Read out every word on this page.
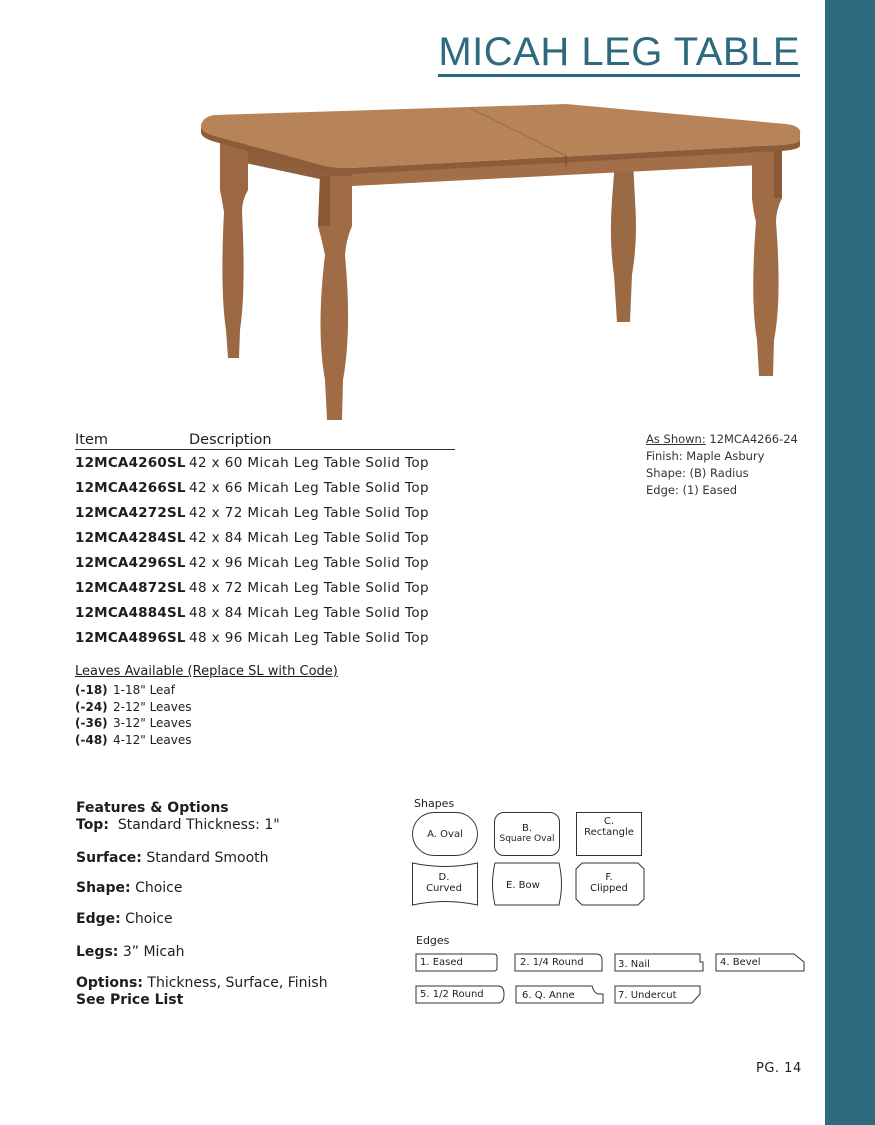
MICAH LEG TABLE
Item	Description
12MCA4260SL 42 x 60 Micah Leg Table Solid Top
12MCA4266SL 42 x 66 Micah Leg Table Solid Top
12MCA4272SL 42 x 72 Micah Leg Table Solid Top
12MCA4284SL 42 x 84 Micah Leg Table Solid Top
12MCA4296SL 42 x 96 Micah Leg Table Solid Top
12MCA4872SL 48 x 72 Micah Leg Table Solid Top
12MCA4884SL 48 x 84 Micah Leg Table Solid Top
12MCA4896SL 48 x 96 Micah Leg Table Solid Top
As Shown: 12MCA4266-24
Finish: Maple Asbury
Shape: (B) Radius
Edge: (1) Eased
Leaves Available (Replace SL with Code)
(-18) 1-18" Leaf
(-24) 2-12" Leaves
(-36) 3-12" Leaves
(-48) 4-12" Leaves
Features & Options
Top: Standard Thickness: 1"
Surface: Standard Smooth
Shape: Choice
Edge: Choice
Legs: 3” Micah
Options: Thickness, Surface, Finish
See Price List
Shapes
A. Oval	B.
Square Oval
C.
Rectangle
D.
Curved	E. Bow
F.
Clipped
Edges
1. Eased	2. 1/4 Round	3. Nail	4. Bevel
5. 1/2 Round	6. Q. Anne	7. Undercut
PG. 14
